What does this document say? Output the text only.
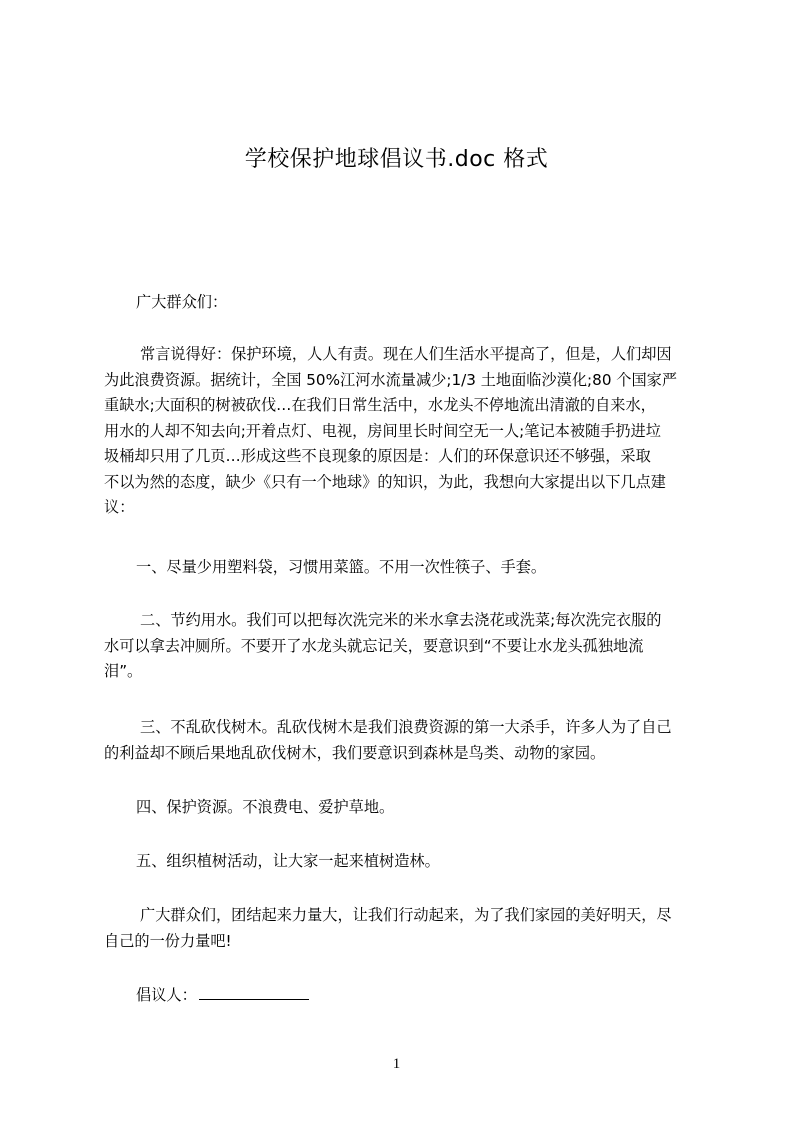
学校保护地球倡议书.doc 格式
广大群众们：
常言说得好：保护环境，人人有责。现在人们生活水平提高了，但是，人们却因
为此浪费资源。据统计，全国 50%江河水流量减少;1/3 土地面临沙漠化;80 个国家严
重缺水;大面积的树被砍伐…在我们日常生活中，水龙头不停地流出清澈的自来水，
用水的人却不知去向;开着点灯、电视，房间里长时间空无一人;笔记本被随手扔进垃
圾桶却只用了几页…形成这些不良现象的原因是：人们的环保意识还不够强，采取
不以为然的态度，缺少《只有一个地球》的知识，为此，我想向大家提出以下几点建
议：
一、尽量少用塑料袋，习惯用菜篮。不用一次性筷子、手套。
二、节约用水。我们可以把每次洗完米的米水拿去浇花或洗菜;每次洗完衣服的
水可以拿去冲厕所。不要开了水龙头就忘记关，要意识到“不要让水龙头孤独地流
泪”。
三、不乱砍伐树木。乱砍伐树木是我们浪费资源的第一大杀手，许多人为了自己
的利益却不顾后果地乱砍伐树木，我们要意识到森林是鸟类、动物的家园。
四、保护资源。不浪费电、爱护草地。
五、组织植树活动，让大家一起来植树造林。
广大群众们，团结起来力量大，让我们行动起来，为了我们家园的美好明天，尽
自己的一份力量吧!
倡议人：
1
